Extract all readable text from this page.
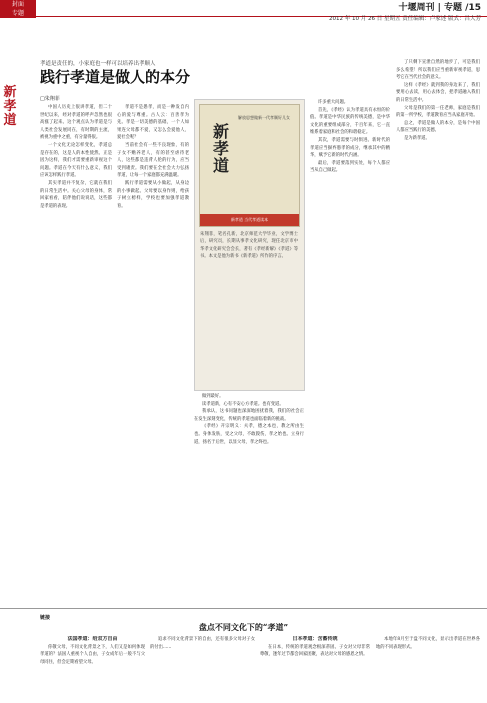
封面
专题
十堰周刊 | 专题 /15
2012 年 10 月 26 日 星期五 责任编辑：卢家述 版式：吕大芳
新孝道
孝道是责任的，小家庭也一样可以培养出孝顺人
践行孝道是做人的本分
□朱翔菲

中国人历史上很讲孝道，但二十世纪以来，经对孝道的呼声忽然也很高涨了起来。这个观点认为孝道是与人类社会发展同在，有时期的主流，被视为重中之重，有分量得很。

一个文化无论怎样变化，孝道总是存在的，这是人的本性使然。正是因为这样，我们才需要重新审视这个问题。孝道在今天有什么意义，我们应该怎样践行孝道。

其实孝道并不复杂，它就在我们的日常生活中。关心父母的身体，常回家看看，陪伴他们说说话，这些都是孝道的表现。

孝道不是愚孝，而是一种发自内心的爱与尊重。古人云：百善孝为先。孝是一切美德的基础，一个人如果连父母都不爱，又怎么会爱他人、爱社会呢？

当前社会有一些不良现象，有的子女不赡养老人，有的甚至虐待老人，这些都是违背人伦的行为，应当受到谴责。我们要在全社会大力弘扬孝道，让每一个家庭都充满温暖。

践行孝道需要从小做起，从身边的小事做起。父母要以身作则，给孩子树立榜样，学校也要加强孝道教育。

新孝道
解放思想做新一代孝顺好儿女
新孝道 当代孝道读本
朱翔菲，笔名孔新，北京师范大学毕业，文学博士后，研究员，长期从事孝文化研究，现任北京市中华孝文化研究会会长，著有《孝经新解》《孝道》等书。本文是他为新书《新孝道》所作的序言。

做到最好。

读孝道新，心有不安心方孝道。也有变道。

我承认，这书问题也深深地困扰着我，我们的社会正在发生深刻变化，传统的孝道也面临着新的挑战。

《孝经》开宗明义：夫孝，德之本也，教之所由生也。身体发肤，受之父母，不敢毁伤，孝之始也。立身行道，扬名于后世，以显父母，孝之终也。

许多重大问题。

首先，《孝经》认为孝道具有永恒的价值。孝道是中华民族的传统美德，是中华文化的重要组成部分，千百年来，它一直维系着家庭和社会的和谐稳定。

其次，孝道需要与时俱进。新时代的孝道应当摒弃愚孝的成分，继承其中的精华，赋予它新的时代内涵。

最后，孝道要落到实处，每个人都应当从自己做起。

了只剩下宣泄自然的地步了，可是我们多么希望！所以我们应当重新审视孝道，思考它在当代社会的意义。

这样《孝经》就到我的身边来了，我们要用心去读，用心去体会，把孝道融入我们的日常生活中。

父母是我们的第一任老师，家庭是我们的第一所学校，孝道教育应当从家庭开始。

总之，孝道是做人的本分，是每个中国人都应当践行的美德。

是为新孝道。

链接
盘点不同文化下的“孝道”

法国孝道：给双方自由

你敬父母，不同文化背景之下，人们又是如何体现孝道的？法国人重视个人自由，子女成年后一般不与父母同住，但会定期看望父母。

追求不同文化背景下的自由，还有很多父母对子女的付出……

日本孝道：含蓄传统

在日本，传统的孝道观念根深蒂固。子女对父母非常尊敬，逢年过节都会回家团聚，表达对父母的感恩之情。

本地年8月至于盘不同文化，显示出孝道在世界各地的不同表现形式。
